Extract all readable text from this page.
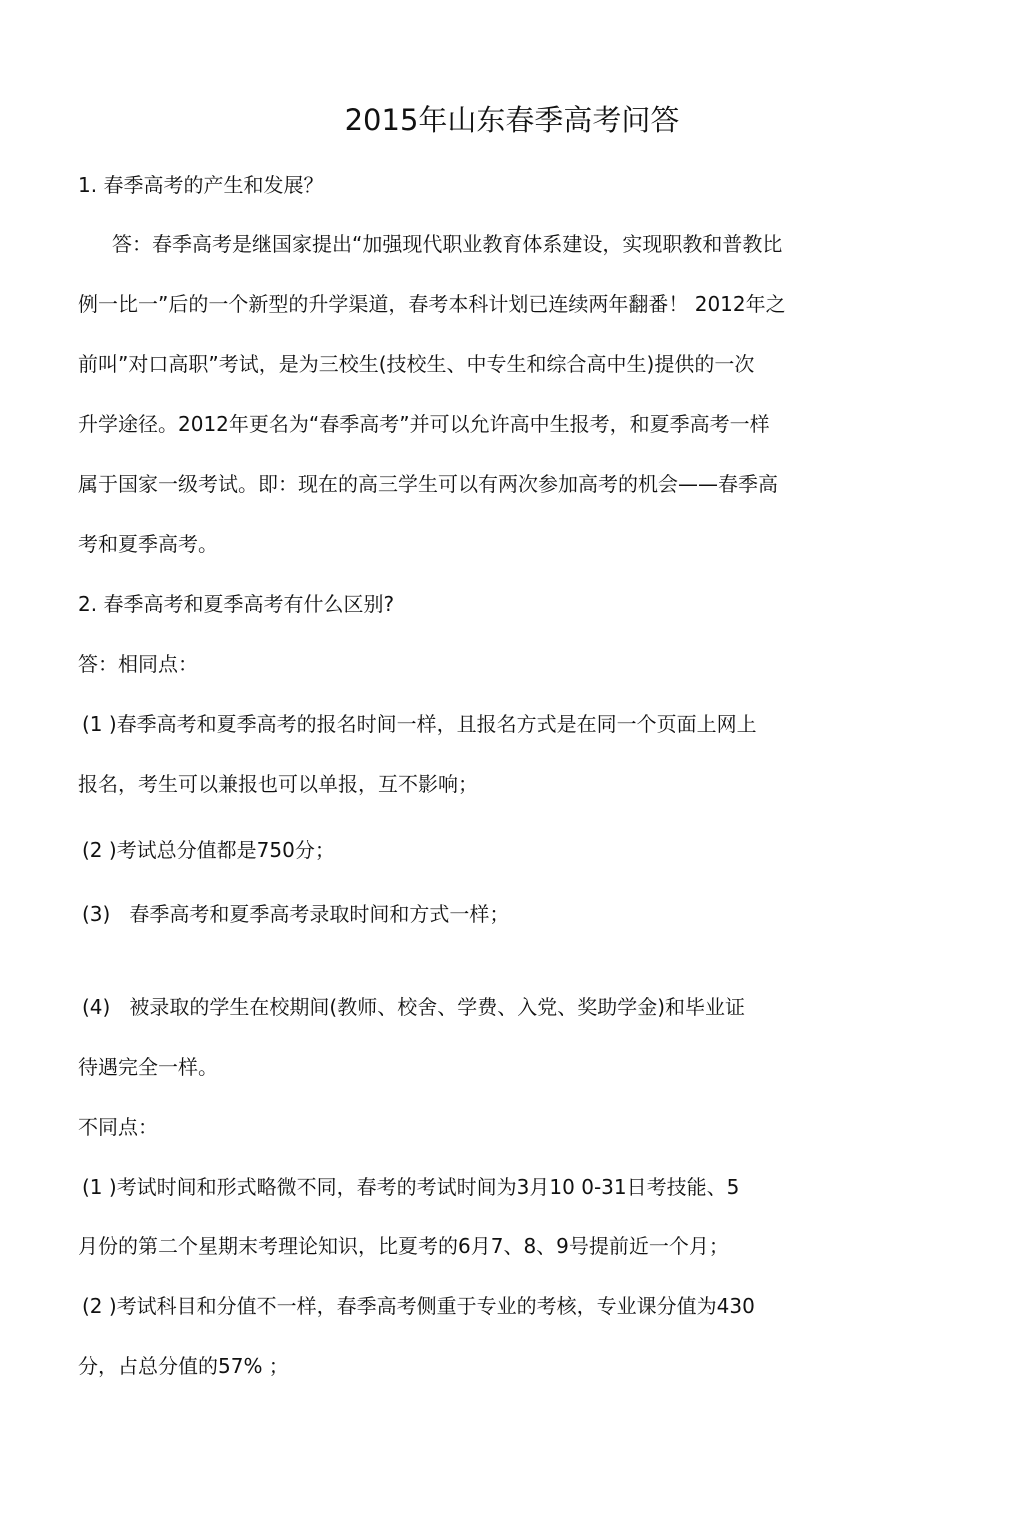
2015年山东春季高考问答
1. 春季高考的产生和发展？
答：春季高考是继国家提出“加强现代职业教育体系建设，实现职教和普教比
例一比一”后的一个新型的升学渠道，春考本科计划已连续两年翻番！ 2012年之
前叫”对口高职”考试，是为三校生(技校生、中专生和综合高中生)提供的一次
升学途径。2012年更名为“春季高考”并可以允许高中生报考，和夏季高考一样
属于国家一级考试。即：现在的高三学生可以有两次参加高考的机会——春季高
考和夏季高考。
2. 春季高考和夏季高考有什么区别?
答：相同点：
(1 )春季高考和夏季高考的报名时间一样，且报名方式是在同一个页面上网上
报名，考生可以兼报也可以单报，互不影响；
(2 )考试总分值都是750分；
(3)   春季高考和夏季高考录取时间和方式一样；
(4)   被录取的学生在校期间(教师、校舍、学费、入党、奖助学金)和毕业证
待遇完全一样。
不同点：
(1 )考试时间和形式略微不同，春考的考试时间为3月10 0-31日考技能、5
月份的第二个星期末考理论知识，比夏考的6月7、8、9号提前近一个月；
(2 )考试科目和分值不一样，春季高考侧重于专业的考核，专业课分值为430
分，占总分值的57% ；
